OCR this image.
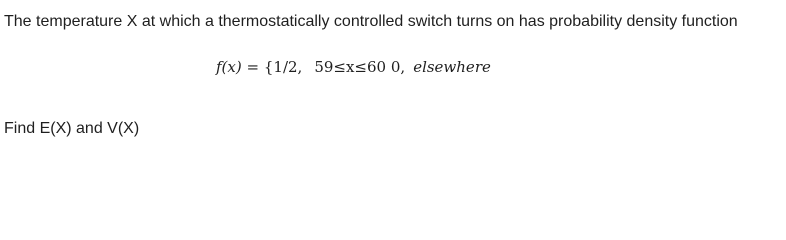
The temperature X at which a thermostatically controlled switch turns on has probability density function
f(x) = {1/2, 59≤x≤60 0, elsewhere
Find E(X) and V(X)
